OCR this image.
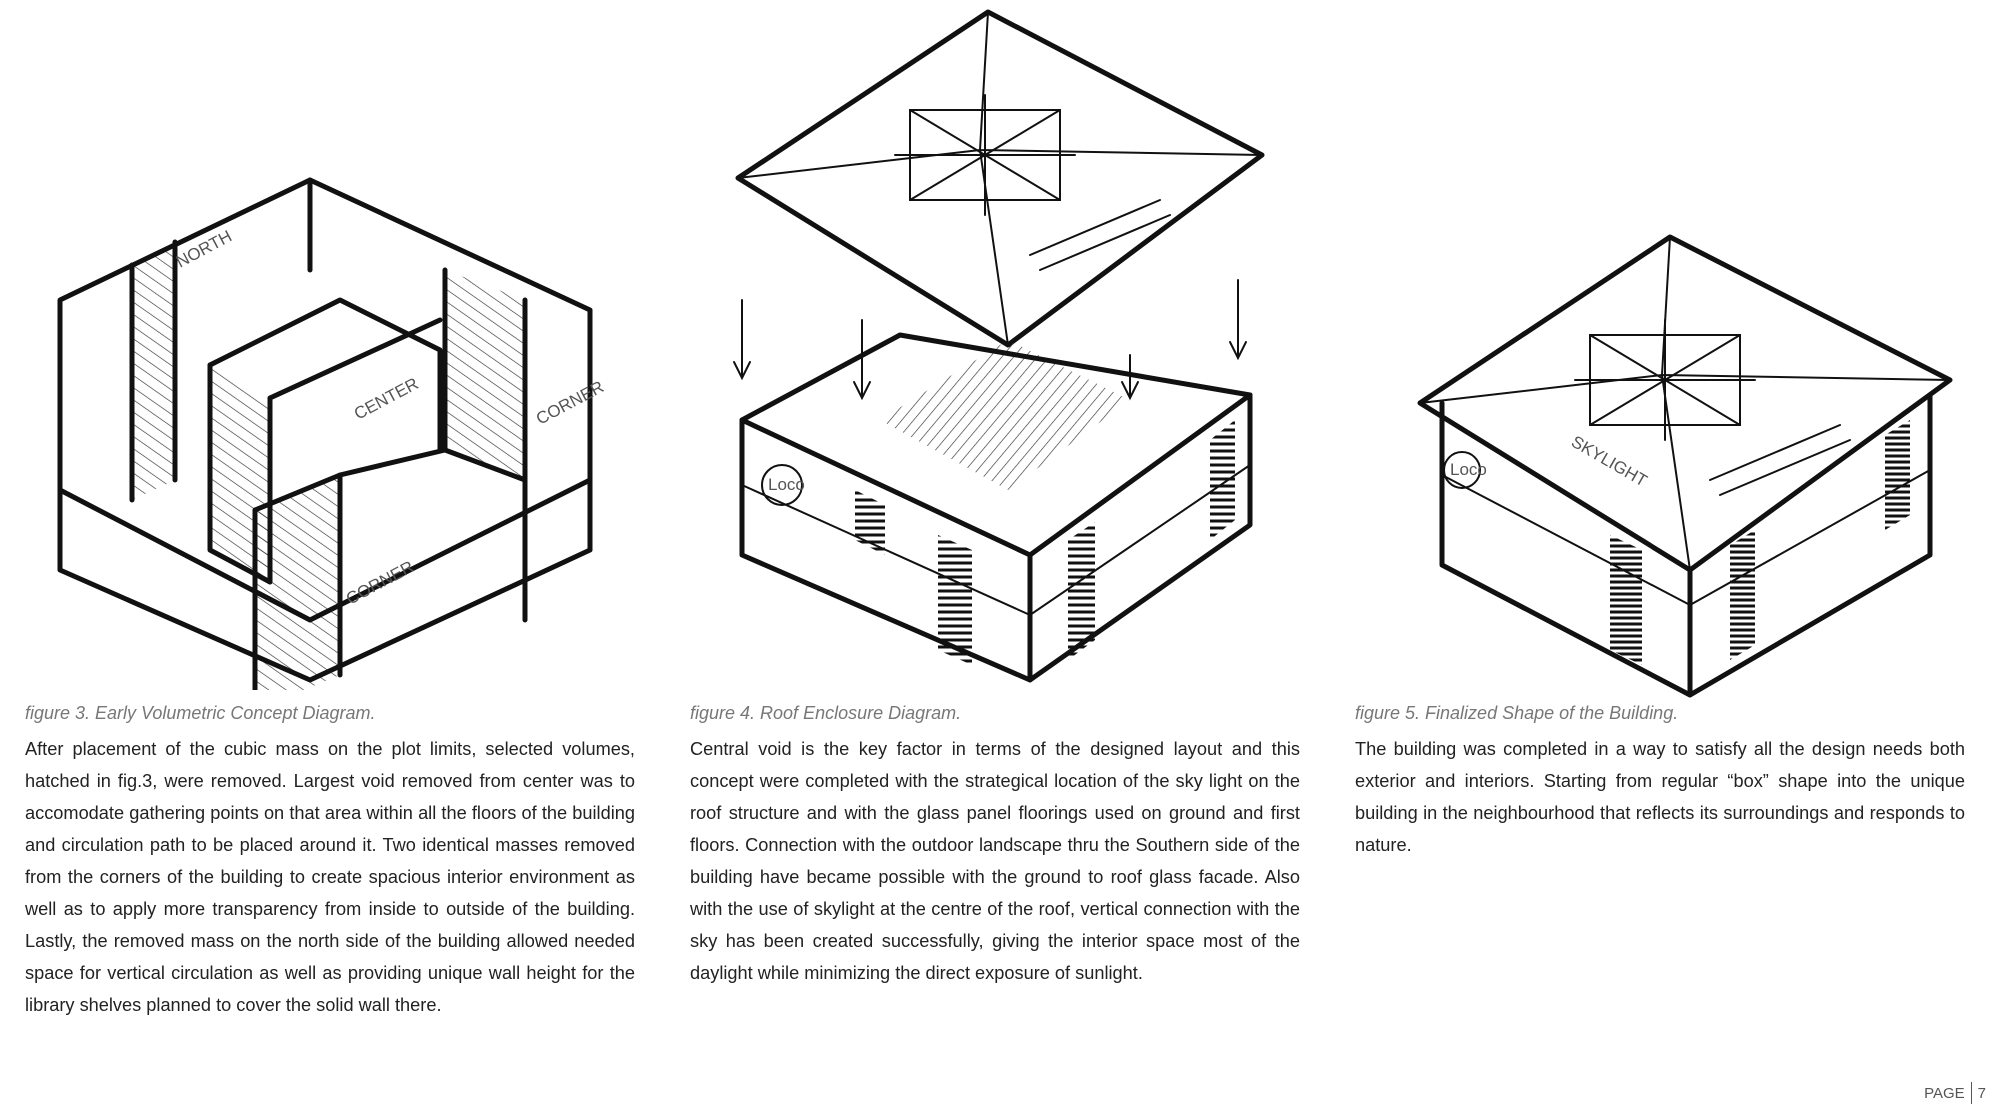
NORTH
CENTER	CORNER
CORNER
Loco
Loco	SKYLIGHT
figure 3. Early Volumetric Concept Diagram.	figure 4. Roof Enclosure Diagram.	figure 5. Finalized Shape of the Building.

After placement of the cubic mass on the plot limits, selected volumes, hatched in fig.3, were removed. Largest void removed from center was to accomodate gathering points on that area within all the floors of the building and circulation path to be placed around it. Two identical masses removed from the corners of the building to create spacious interior environment as well as to apply more transparency from inside to outside of the building. Lastly, the removed mass on the north side of the building allowed needed space for vertical circulation as well as providing unique wall height for the library shelves planned to cover the solid wall there.

Central void is the key factor in terms of the designed layout and this concept were completed with the strategical location of the sky light on the roof structure and with the glass panel floorings used on ground and first floors. Connection with the outdoor landscape thru the Southern side of the building have became possible with the ground to roof glass facade. Also with the use of skylight at the centre of the roof, vertical connection with the sky has been created successfully, giving the interior space most of the daylight while minimizing the direct exposure of sunlight.

The building was completed in a way to satisfy all the design needs both exterior and interiors. Starting from regular “box” shape into the unique building in the neighbourhood that reflects its surroundings and responds to nature.

PAGE 7
